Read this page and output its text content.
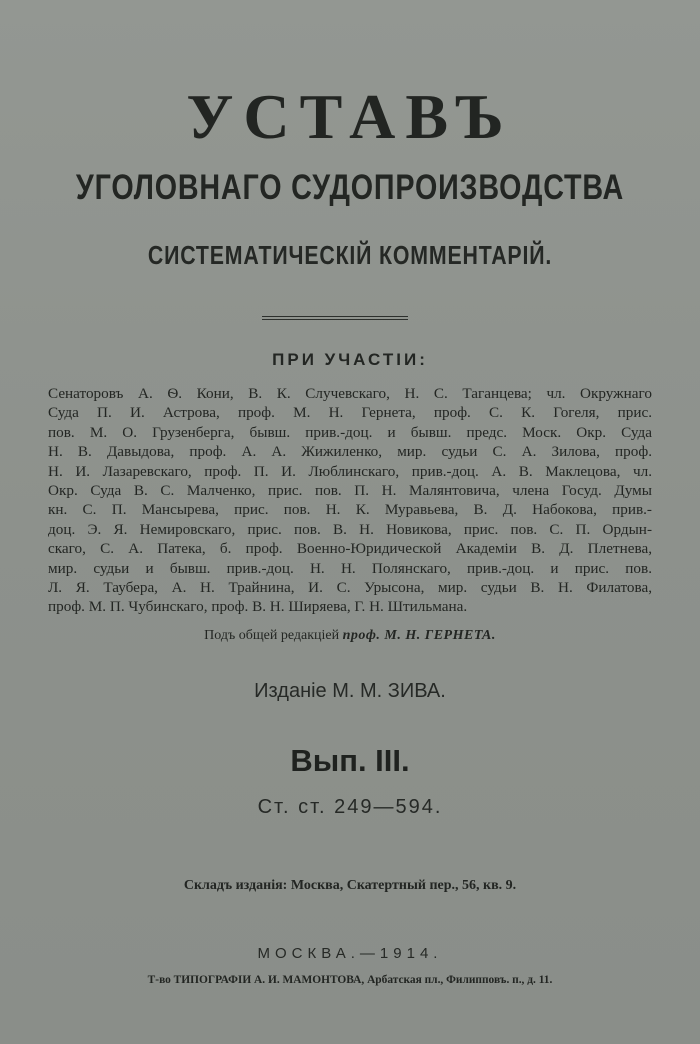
УСТАВЪ
УГОЛОВНАГО СУДОПРОИЗВОДСТВА
СИСТЕМАТИЧЕСКІЙ КОММЕНТАРІЙ.
ПРИ УЧАСТІИ:
Сенаторовъ А. Ѳ. Кони, В. К. Случевскаго, Н. С. Таганцева; чл. Окружнаго
Суда П. И. Астрова, проф. М. Н. Гернета, проф. С. К. Гогеля, прис.
пов. М. О. Грузенберга, бывш. прив.-доц. и бывш. предс. Моск. Окр. Суда
Н. В. Давыдова, проф. А. А. Жижиленко, мир. судьи С. А. Зилова, проф.
Н. И. Лазаревскаго, проф. П. И. Люблинскаго, прив.-доц. А. В. Маклецова, чл.
Окр. Суда В. С. Малченко, прис. пов. П. Н. Малянтовича, члена Госуд. Думы
кн. С. П. Мансырева, прис. пов. Н. К. Муравьева, В. Д. Набокова, прив.-
доц. Э. Я. Немировскаго, прис. пов. В. Н. Новикова, прис. пов. С. П. Ордын-
скаго, С. А. Патека, б. проф. Военно-Юридической Академіи В. Д. Плетнева,
мир. судьи и бывш. прив.-доц. Н. Н. Полянскаго, прив.-доц. и прис. пов.
Л. Я. Таубера, А. Н. Трайнина, И. С. Урысона, мир. судьи В. Н. Филатова,
проф. М. П. Чубинскаго, проф. В. Н. Ширяева, Г. Н. Штильмана.
Подъ общей редакціей проф. М. Н. ГЕРНЕТА.
Изданіе М. М. ЗИВА.
Вып. III.
Ст. ст. 249—594.
Складъ изданія: Москва, Скатертный пер., 56, кв. 9.
МОСКВА.—1914.
Т-во ТИПОГРАФІИ А. И. МАМОНТОВА, Арбатская пл., Филипповъ. п., д. 11.
